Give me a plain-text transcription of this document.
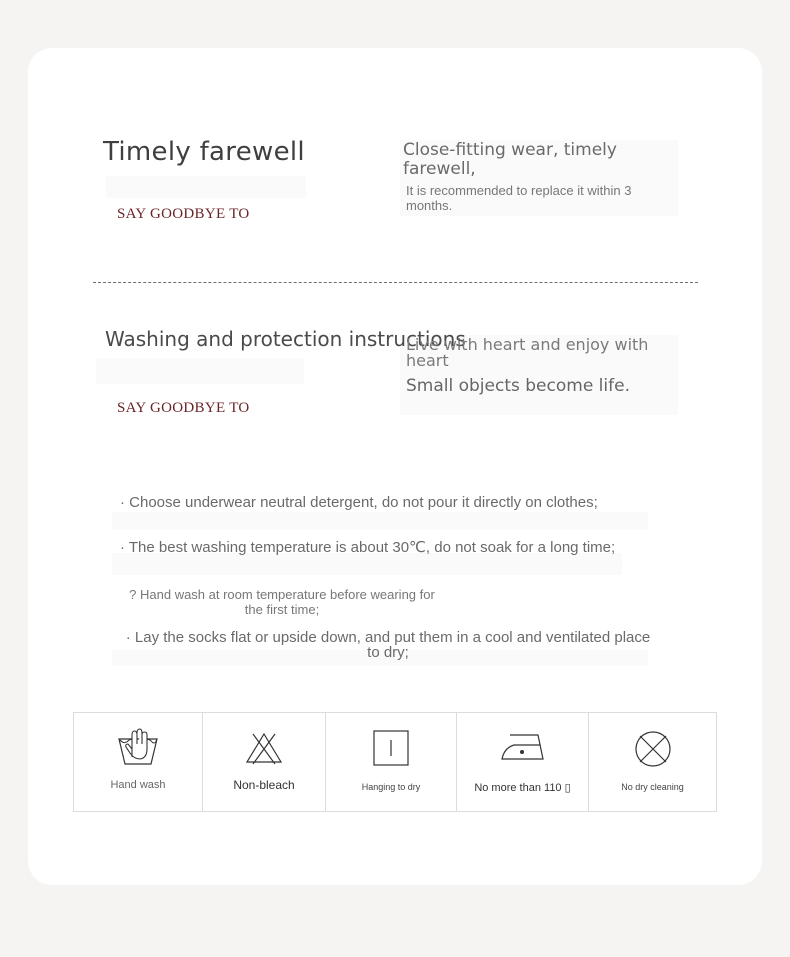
Timely farewell
SAY GOODBYE TO
Close-fitting wear, timely farewell,
It is recommended to replace it within 3 months.
Washing and protection instructions
SAY GOODBYE TO
Live with heart and enjoy with heart
Small objects become life.
· Choose underwear neutral detergent, do not pour it directly on clothes;
· The best washing temperature is about 30℃, do not soak for a long time;
? Hand wash at room temperature before wearing for the first time;
· Lay the socks flat or upside down, and put them in a cool and ventilated place to dry;
Hand wash	Non-bleach	Hanging to dry	No more than 110 ▯	No dry cleaning
